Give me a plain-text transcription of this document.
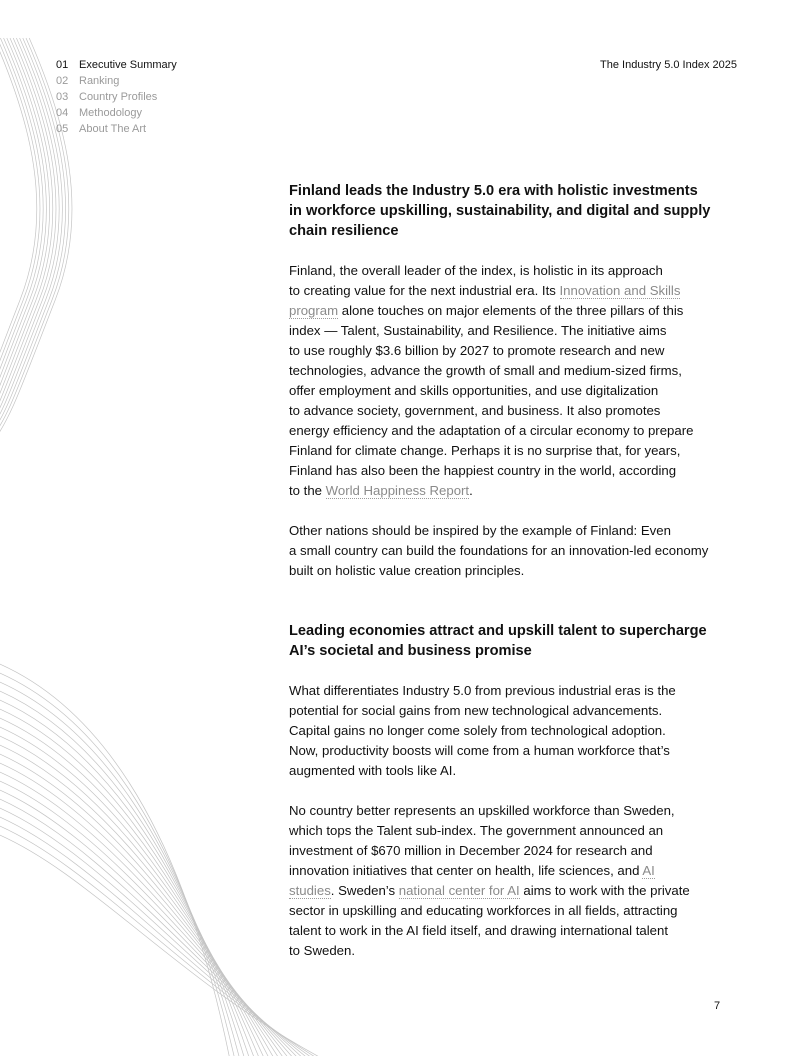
01 Executive Summary
02 Ranking
03 Country Profiles
04 Methodology
05 About The Art
The Industry 5.0 Index 2025
Finland leads the Industry 5.0 era with holistic investments
in workforce upskilling, sustainability, and digital and supply
chain resilience

Finland, the overall leader of the index, is holistic in its approach
to creating value for the next industrial era. Its Innovation and Skills
program alone touches on major elements of the three pillars of this
index — Talent, Sustainability, and Resilience. The initiative aims
to use roughly $3.6 billion by 2027 to promote research and new
technologies, advance the growth of small and medium-sized firms,
offer employment and skills opportunities, and use digitalization
to advance society, government, and business. It also promotes
energy efficiency and the adaptation of a circular economy to prepare
Finland for climate change. Perhaps it is no surprise that, for years,
Finland has also been the happiest country in the world, according
to the World Happiness Report.

Other nations should be inspired by the example of Finland: Even
a small country can build the foundations for an innovation-led economy
built on holistic value creation principles.

Leading economies attract and upskill talent to supercharge
AI’s societal and business promise

What differentiates Industry 5.0 from previous industrial eras is the
potential for social gains from new technological advancements.
Capital gains no longer come solely from technological adoption.
Now, productivity boosts will come from a human workforce that’s
augmented with tools like AI.

No country better represents an upskilled workforce than Sweden,
which tops the Talent sub-index. The government announced an
investment of $670 million in December 2024 for research and
innovation initiatives that center on health, life sciences, and AI
studies. Sweden’s national center for AI aims to work with the private
sector in upskilling and educating workforces in all fields, attracting
talent to work in the AI field itself, and drawing international talent
to Sweden.

7
